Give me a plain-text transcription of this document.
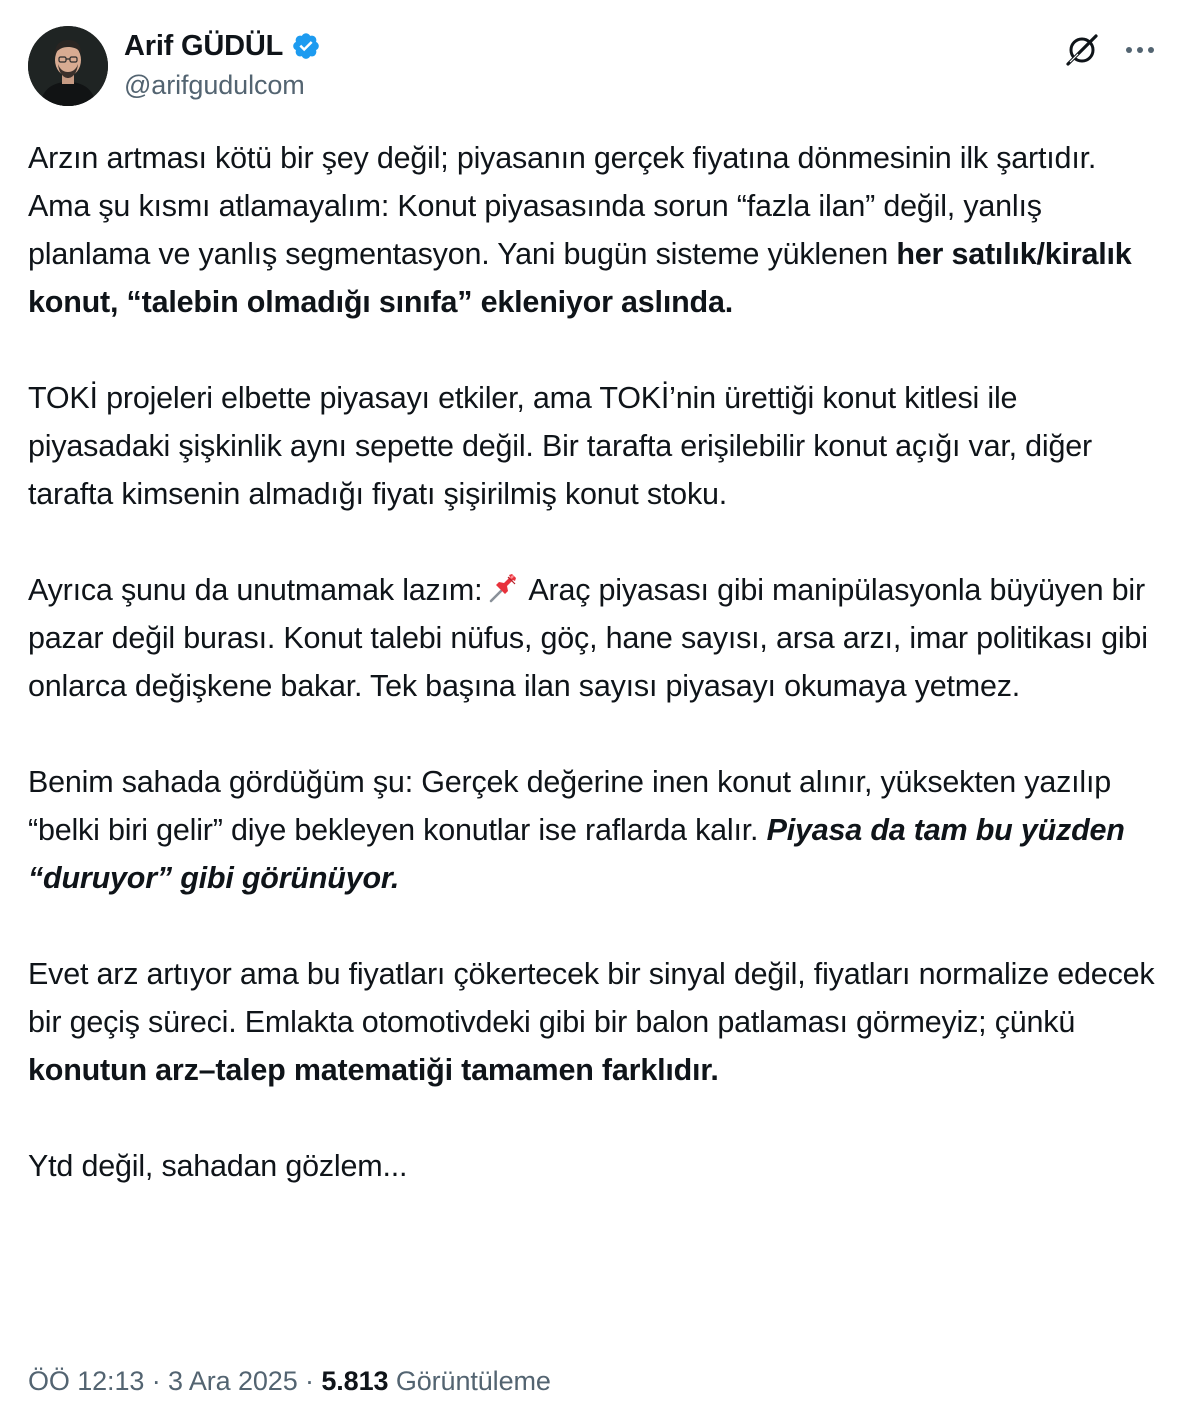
Arif GÜDÜL
@arifgudulcom

Arzın artması kötü bir şey değil; piyasanın gerçek fiyatına dönmesinin ilk şartıdır. Ama şu kısmı atlamayalım: Konut piyasasında sorun “fazla ilan” değil, yanlış planlama ve yanlış segmentasyon. Yani bugün sisteme yüklenen her satılık/kiralık konut, “talebin olmadığı sınıfa” ekleniyor aslında.

TOKİ projeleri elbette piyasayı etkiler, ama TOKİ’nin ürettiği konut kitlesi ile piyasadaki şişkinlik aynı sepette değil. Bir tarafta erişilebilir konut açığı var, diğer tarafta kimsenin almadığı fiyatı şişirilmiş konut stoku.

Ayrıca şunu da unutmamak lazım: Araç piyasası gibi manipülasyonla büyüyen bir pazar değil burası. Konut talebi nüfus, göç, hane sayısı, arsa arzı, imar politikası gibi onlarca değişkene bakar. Tek başına ilan sayısı piyasayı okumaya yetmez.

Benim sahada gördüğüm şu: Gerçek değerine inen konut alınır, yüksekten yazılıp “belki biri gelir” diye bekleyen konutlar ise raflarda kalır. Piyasa da tam bu yüzden “duruyor” gibi görünüyor.

Evet arz artıyor ama bu fiyatları çökertecek bir sinyal değil, fiyatları normalize edecek bir geçiş süreci. Emlakta otomotivdeki gibi bir balon patlaması görmeyiz; çünkü konutun arz–talep matematiği tamamen farklıdır.

Ytd değil, sahadan gözlem...

ÖÖ 12:13 · 3 Ara 2025 · 5.813 Görüntüleme
